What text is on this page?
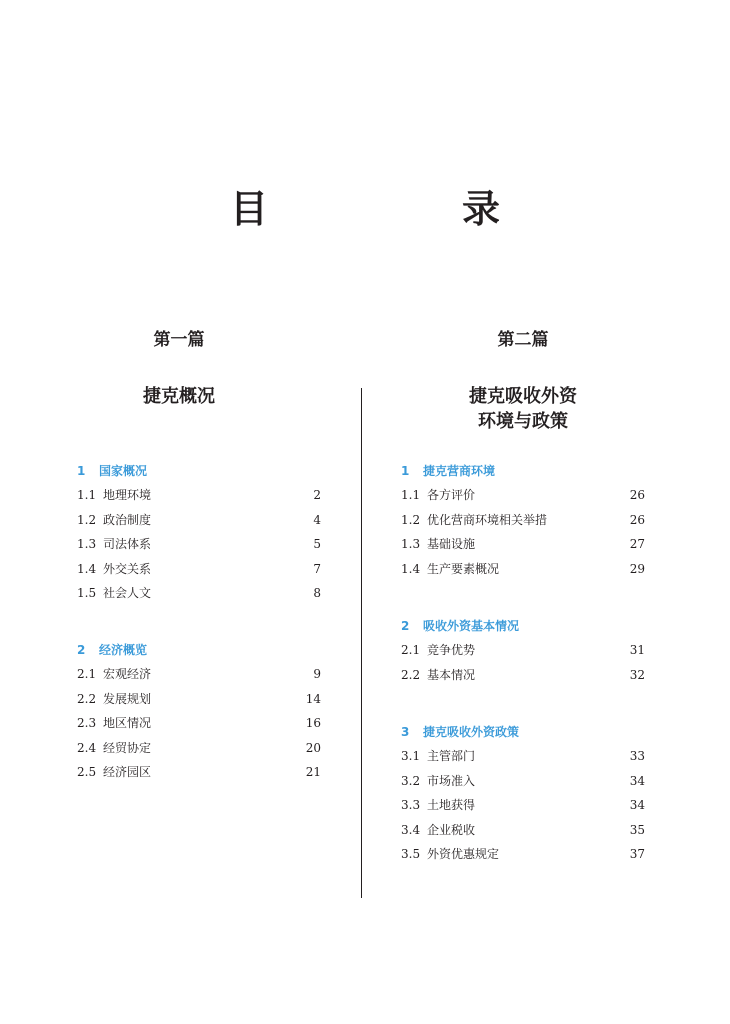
目　录
第一篇
捷克概况
1 国家概况
1.1 地理环境	2
1.2 政治制度	4
1.3 司法体系	5
1.4 外交关系	7
1.5 社会人文	8
2 经济概览
2.1 宏观经济	9
2.2 发展规划	14
2.3 地区情况	16
2.4 经贸协定	20
2.5 经济园区	21
第二篇
捷克吸收外资
环境与政策
1 捷克营商环境
1.1 各方评价	26
1.2 优化营商环境相关举措	26
1.3 基础设施	27
1.4 生产要素概况	29
2 吸收外资基本情况
2.1 竞争优势	31
2.2 基本情况	32
3 捷克吸收外资政策
3.1 主管部门	33
3.2 市场准入	34
3.3 土地获得	34
3.4 企业税收	35
3.5 外资优惠规定	37
